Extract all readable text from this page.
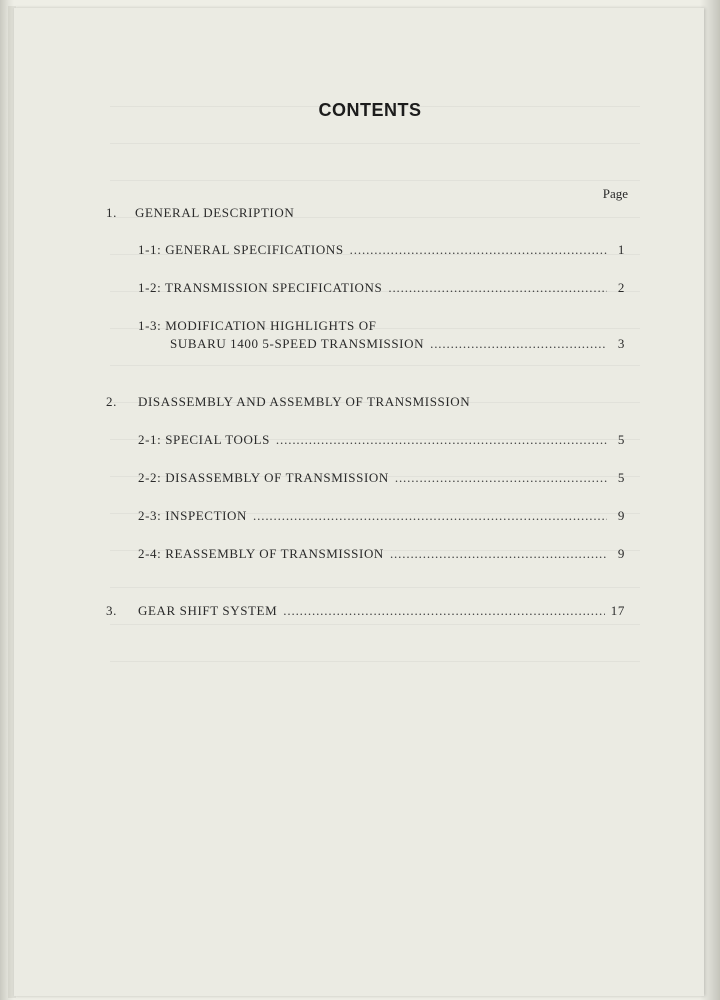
CONTENTS
Page
1. GENERAL DESCRIPTION
1-1: GENERAL SPECIFICATIONS . . .	1
1-2: TRANSMISSION SPECIFICATIONS . . .	2
1-3: MODIFICATION HIGHLIGHTS OF
SUBARU 1400 5-SPEED TRANSMISSION . . .	3
2. DISASSEMBLY AND ASSEMBLY OF TRANSMISSION
2-1: SPECIAL TOOLS . . .	5
2-2: DISASSEMBLY OF TRANSMISSION . . .	5
2-3: INSPECTION . . .	9
2-4: REASSEMBLY OF TRANSMISSION . . .	9
3. GEAR SHIFT SYSTEM . . .	17
